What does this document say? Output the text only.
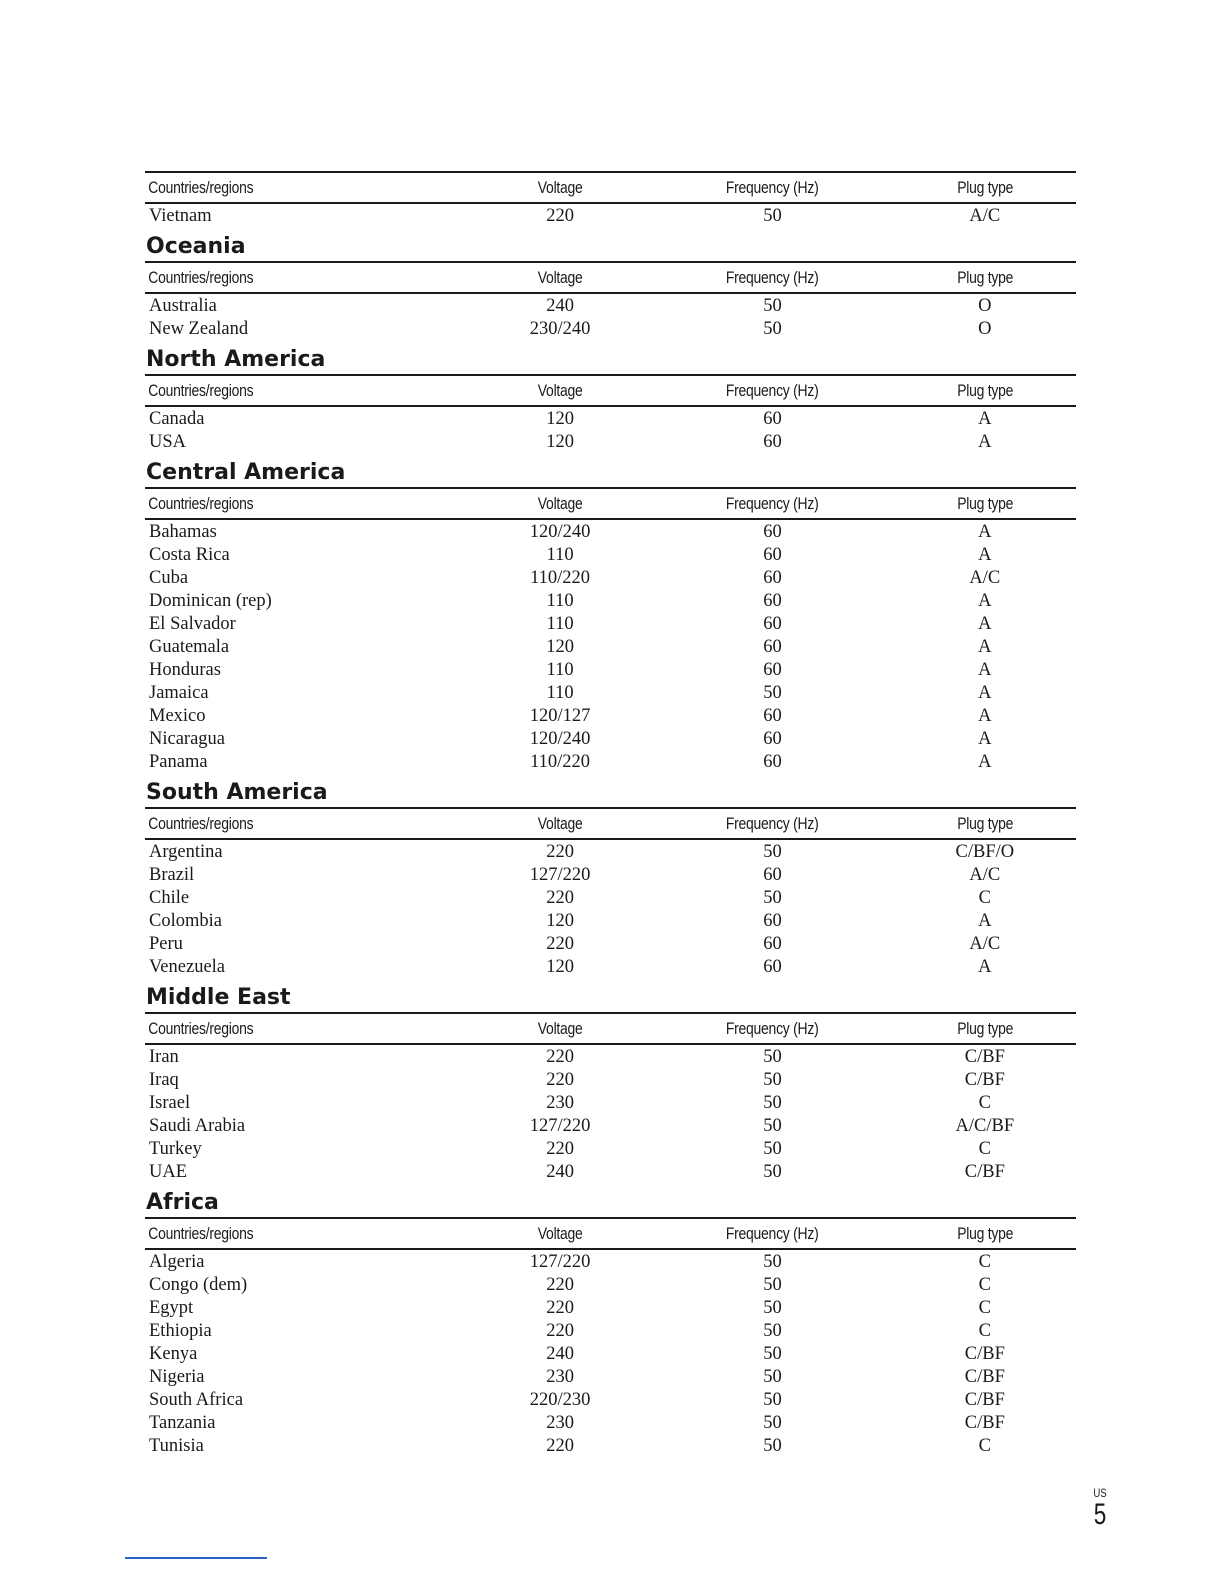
Countries/regions	Voltage	Frequency (Hz)	Plug type
Vietnam	220	50	A/C
Oceania
Countries/regions	Voltage	Frequency (Hz)	Plug type
Australia	240	50	O
New Zealand	230/240	50	O
North America
Countries/regions	Voltage	Frequency (Hz)	Plug type
Canada	120	60	A
USA	120	60	A
Central America
Countries/regions	Voltage	Frequency (Hz)	Plug type
Bahamas	120/240	60	A
Costa Rica	110	60	A
Cuba	110/220	60	A/C
Dominican (rep)	110	60	A
El Salvador	110	60	A
Guatemala	120	60	A
Honduras	110	60	A
Jamaica	110	50	A
Mexico	120/127	60	A
Nicaragua	120/240	60	A
Panama	110/220	60	A
South America
Countries/regions	Voltage	Frequency (Hz)	Plug type
Argentina	220	50	C/BF/O
Brazil	127/220	60	A/C
Chile	220	50	C
Colombia	120	60	A
Peru	220	60	A/C
Venezuela	120	60	A
Middle East
Countries/regions	Voltage	Frequency (Hz)	Plug type
Iran	220	50	C/BF
Iraq	220	50	C/BF
Israel	230	50	C
Saudi Arabia	127/220	50	A/C/BF
Turkey	220	50	C
UAE	240	50	C/BF
Africa
Countries/regions	Voltage	Frequency (Hz)	Plug type
Algeria	127/220	50	C
Congo (dem)	220	50	C
Egypt	220	50	C
Ethiopia	220	50	C
Kenya	240	50	C/BF
Nigeria	230	50	C/BF
South Africa	220/230	50	C/BF
Tanzania	230	50	C/BF
Tunisia	220	50	C
US
5
